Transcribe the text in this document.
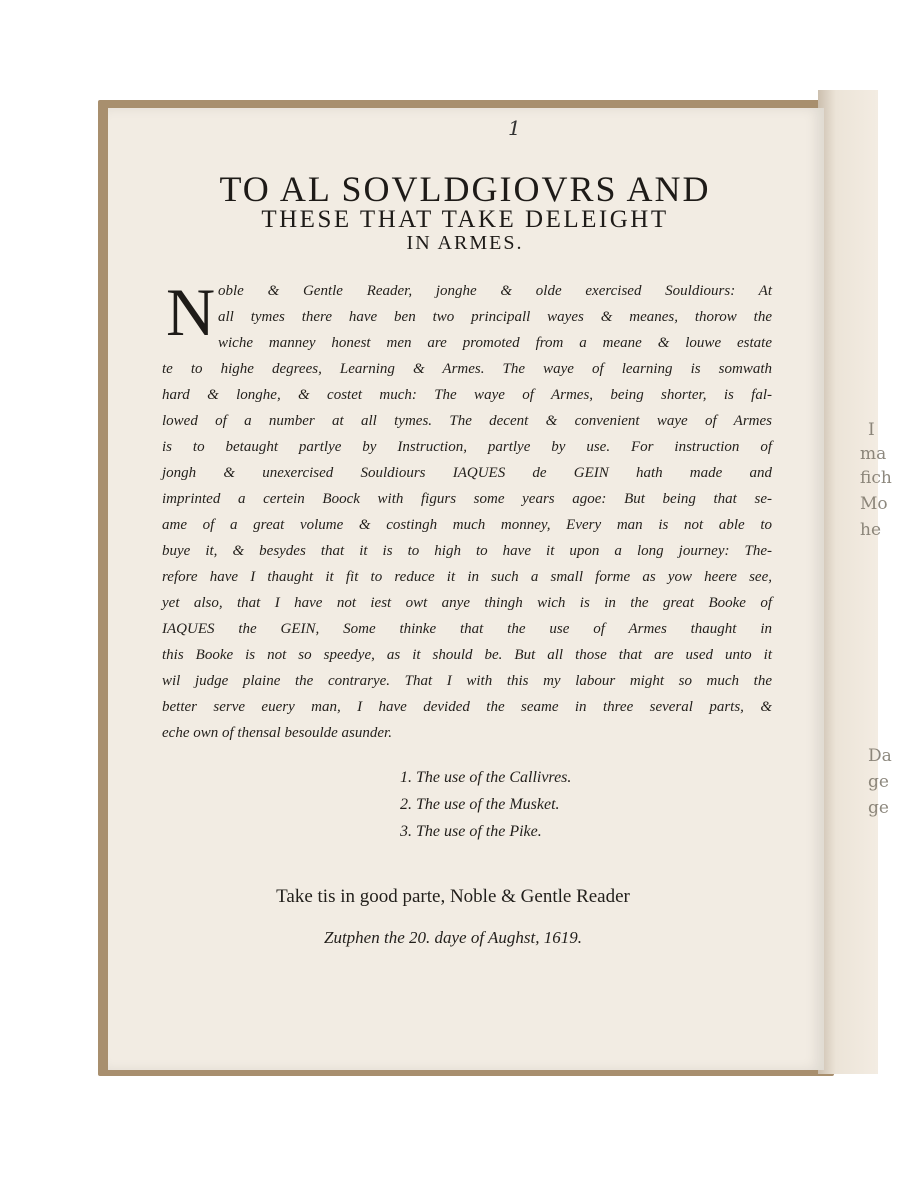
I
ma
fich
Mo
he
Da
ge
ge
1
TO AL SOVLDGIOVRS AND
THESE THAT TAKE DELEIGHT
IN ARMES.
N oble & Gentle Reader, jonghe & olde exercised Souldiours: At
all tymes there have ben two principall wayes & meanes, thorow the
wiche manney honest men are promoted from a meane & louwe estate
te to highe degrees, Learning & Armes. The waye of learning is somwath
hard & longhe, & costet much: The waye of Armes, being shorter, is fal-
lowed of a number at all tymes. The decent & convenient waye of Armes
is to betaught partlye by Instruction, partlye by use. For instruction of
jongh & unexercised Souldiours IAQUES de GEIN hath made and
imprinted a certein Boock with figurs some years agoe: But being that se-
ame of a great volume & costingh much monney, Every man is not able to
buye it, & besydes that it is to high to have it upon a long journey: The-
refore have I thaught it fit to reduce it in such a small forme as yow heere see,
yet also, that I have not iest owt anye thingh wich is in the great Booke of
IAQUES the GEIN, Some thinke that the use of Armes thaught in
this Booke is not so speedye, as it should be. But all those that are used unto it
wil judge plaine the contrarye. That I with this my labour might so much the
better serve euery man, I have devided the seame in three several parts, &
eche own of thensal besoulde asunder.
1. The use of the Callivres.
2. The use of the Musket.
3. The use of the Pike.
Take tis in good parte, Noble & Gentle Reader
Zutphen the 20. daye of Aughst, 1619.
